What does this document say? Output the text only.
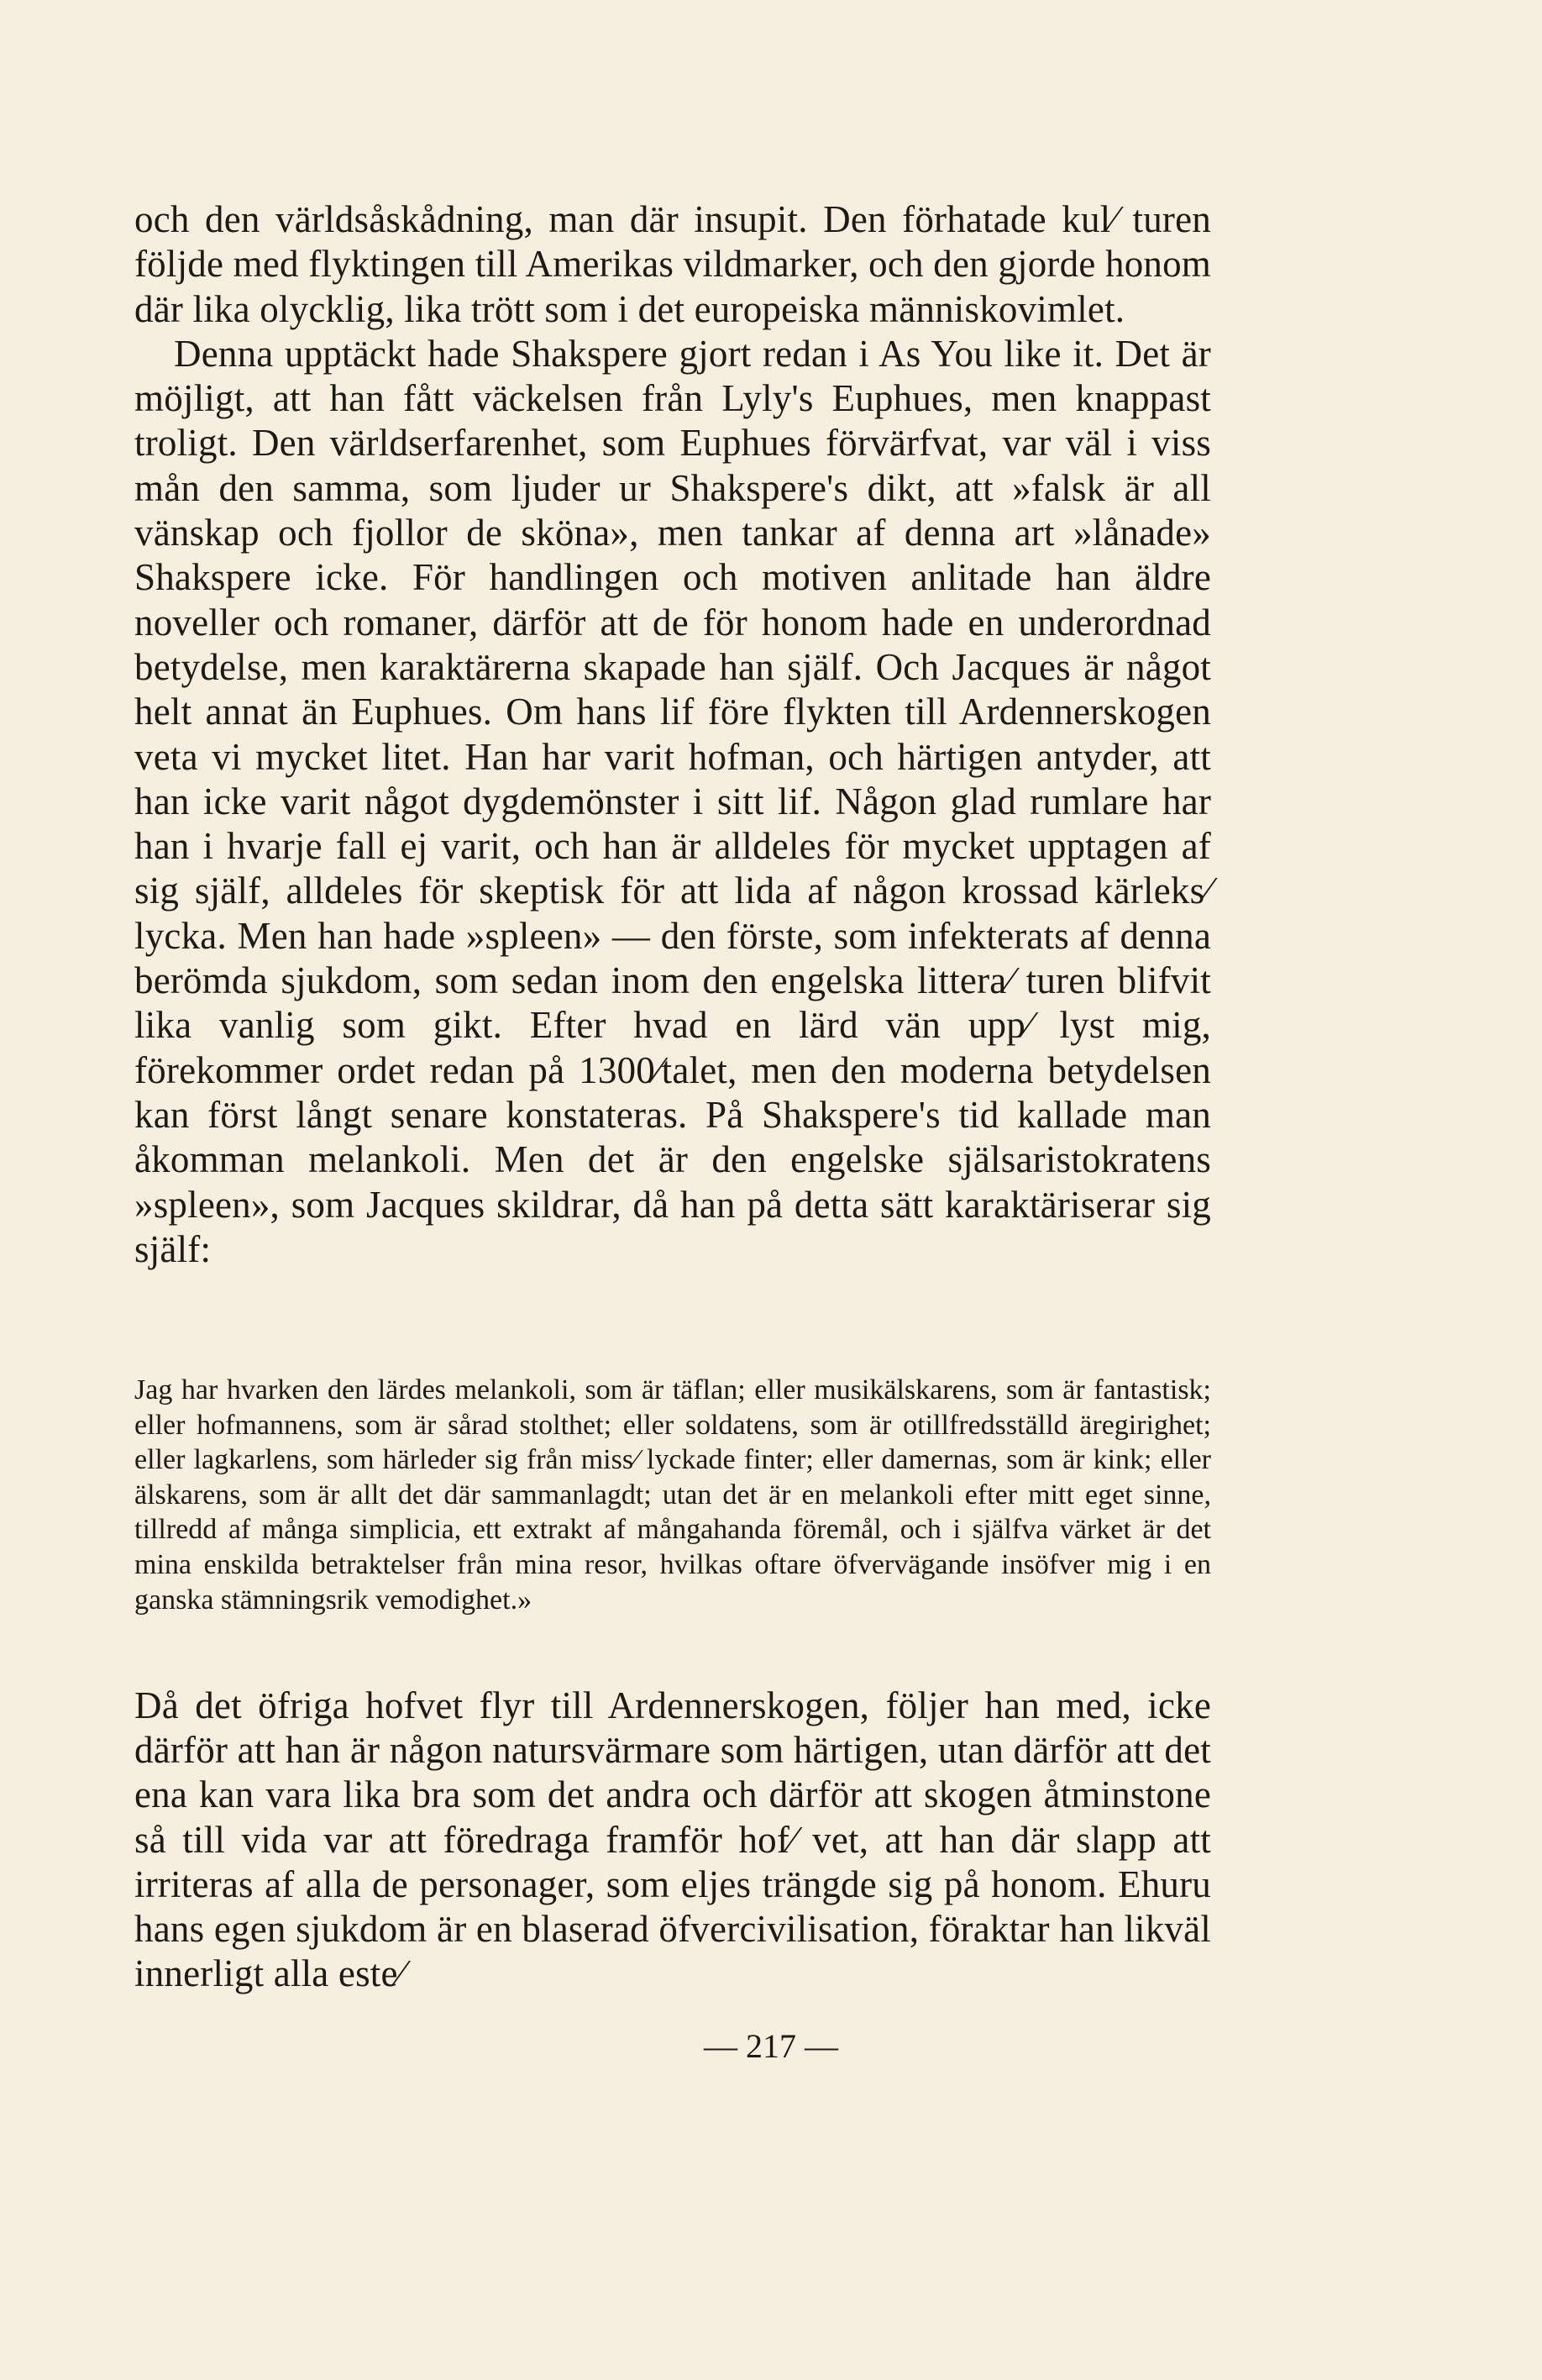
och den världsåskådning, man där insupit. Den förhatade kul⁄ turen följde med flyktingen till Amerikas vildmarker, och den gjorde honom där lika olycklig, lika trött som i det europeiska människovimlet.

Denna upptäckt hade Shakspere gjort redan i As You like it. Det är möjligt, att han fått väckelsen från Lyly's Euphues, men knappast troligt. Den världserfarenhet, som Euphues förvärfvat, var väl i viss mån den samma, som ljuder ur Shakspere's dikt, att »falsk är all vänskap och fjollor de sköna», men tankar af denna art »lånade» Shakspere icke. För handlingen och motiven anlitade han äldre noveller och romaner, därför att de för honom hade en underordnad betydelse, men karaktärerna skapade han själf. Och Jacques är något helt annat än Euphues. Om hans lif före flykten till Ardennerskogen veta vi mycket litet. Han har varit hofman, och härtigen antyder, att han icke varit något dygdemönster i sitt lif. Någon glad rumlare har han i hvarje fall ej varit, och han är alldeles för mycket upptagen af sig själf, alldeles för skeptisk för att lida af någon krossad kärleks⁄ lycka. Men han hade »spleen» — den förste, som infekterats af denna berömda sjukdom, som sedan inom den engelska littera⁄ turen blifvit lika vanlig som gikt. Efter hvad en lärd vän upp⁄ lyst mig, förekommer ordet redan på 1300⁄talet, men den moderna betydelsen kan först långt senare konstateras. På Shakspere's tid kallade man åkomman melankoli. Men det är den engelske själsaristokratens »spleen», som Jacques skildrar, då han på detta sätt karaktäriserar sig själf:

Jag har hvarken den lärdes melankoli, som är täflan; eller musikälskarens, som är fantastisk; eller hofmannens, som är sårad stolthet; eller soldatens, som är otillfredsställd äregirighet; eller lagkarlens, som härleder sig från miss⁄ lyckade finter; eller damernas, som är kink; eller älskarens, som är allt det där sammanlagdt; utan det är en melankoli efter mitt eget sinne, tillredd af många simplicia, ett extrakt af mångahanda föremål, och i själfva värket är det mina enskilda betraktelser från mina resor, hvilkas oftare öfvervägande insöfver mig i en ganska stämningsrik vemodighet.»

Då det öfriga hofvet flyr till Ardennerskogen, följer han med, icke därför att han är någon natursvärmare som härtigen, utan därför att det ena kan vara lika bra som det andra och därför att skogen åtminstone så till vida var att föredraga framför hof⁄ vet, att han där slapp att irriteras af alla de personager, som eljes trängde sig på honom. Ehuru hans egen sjukdom är en blaserad öfvercivilisation, föraktar han likväl innerligt alla este⁄

— 217 —
